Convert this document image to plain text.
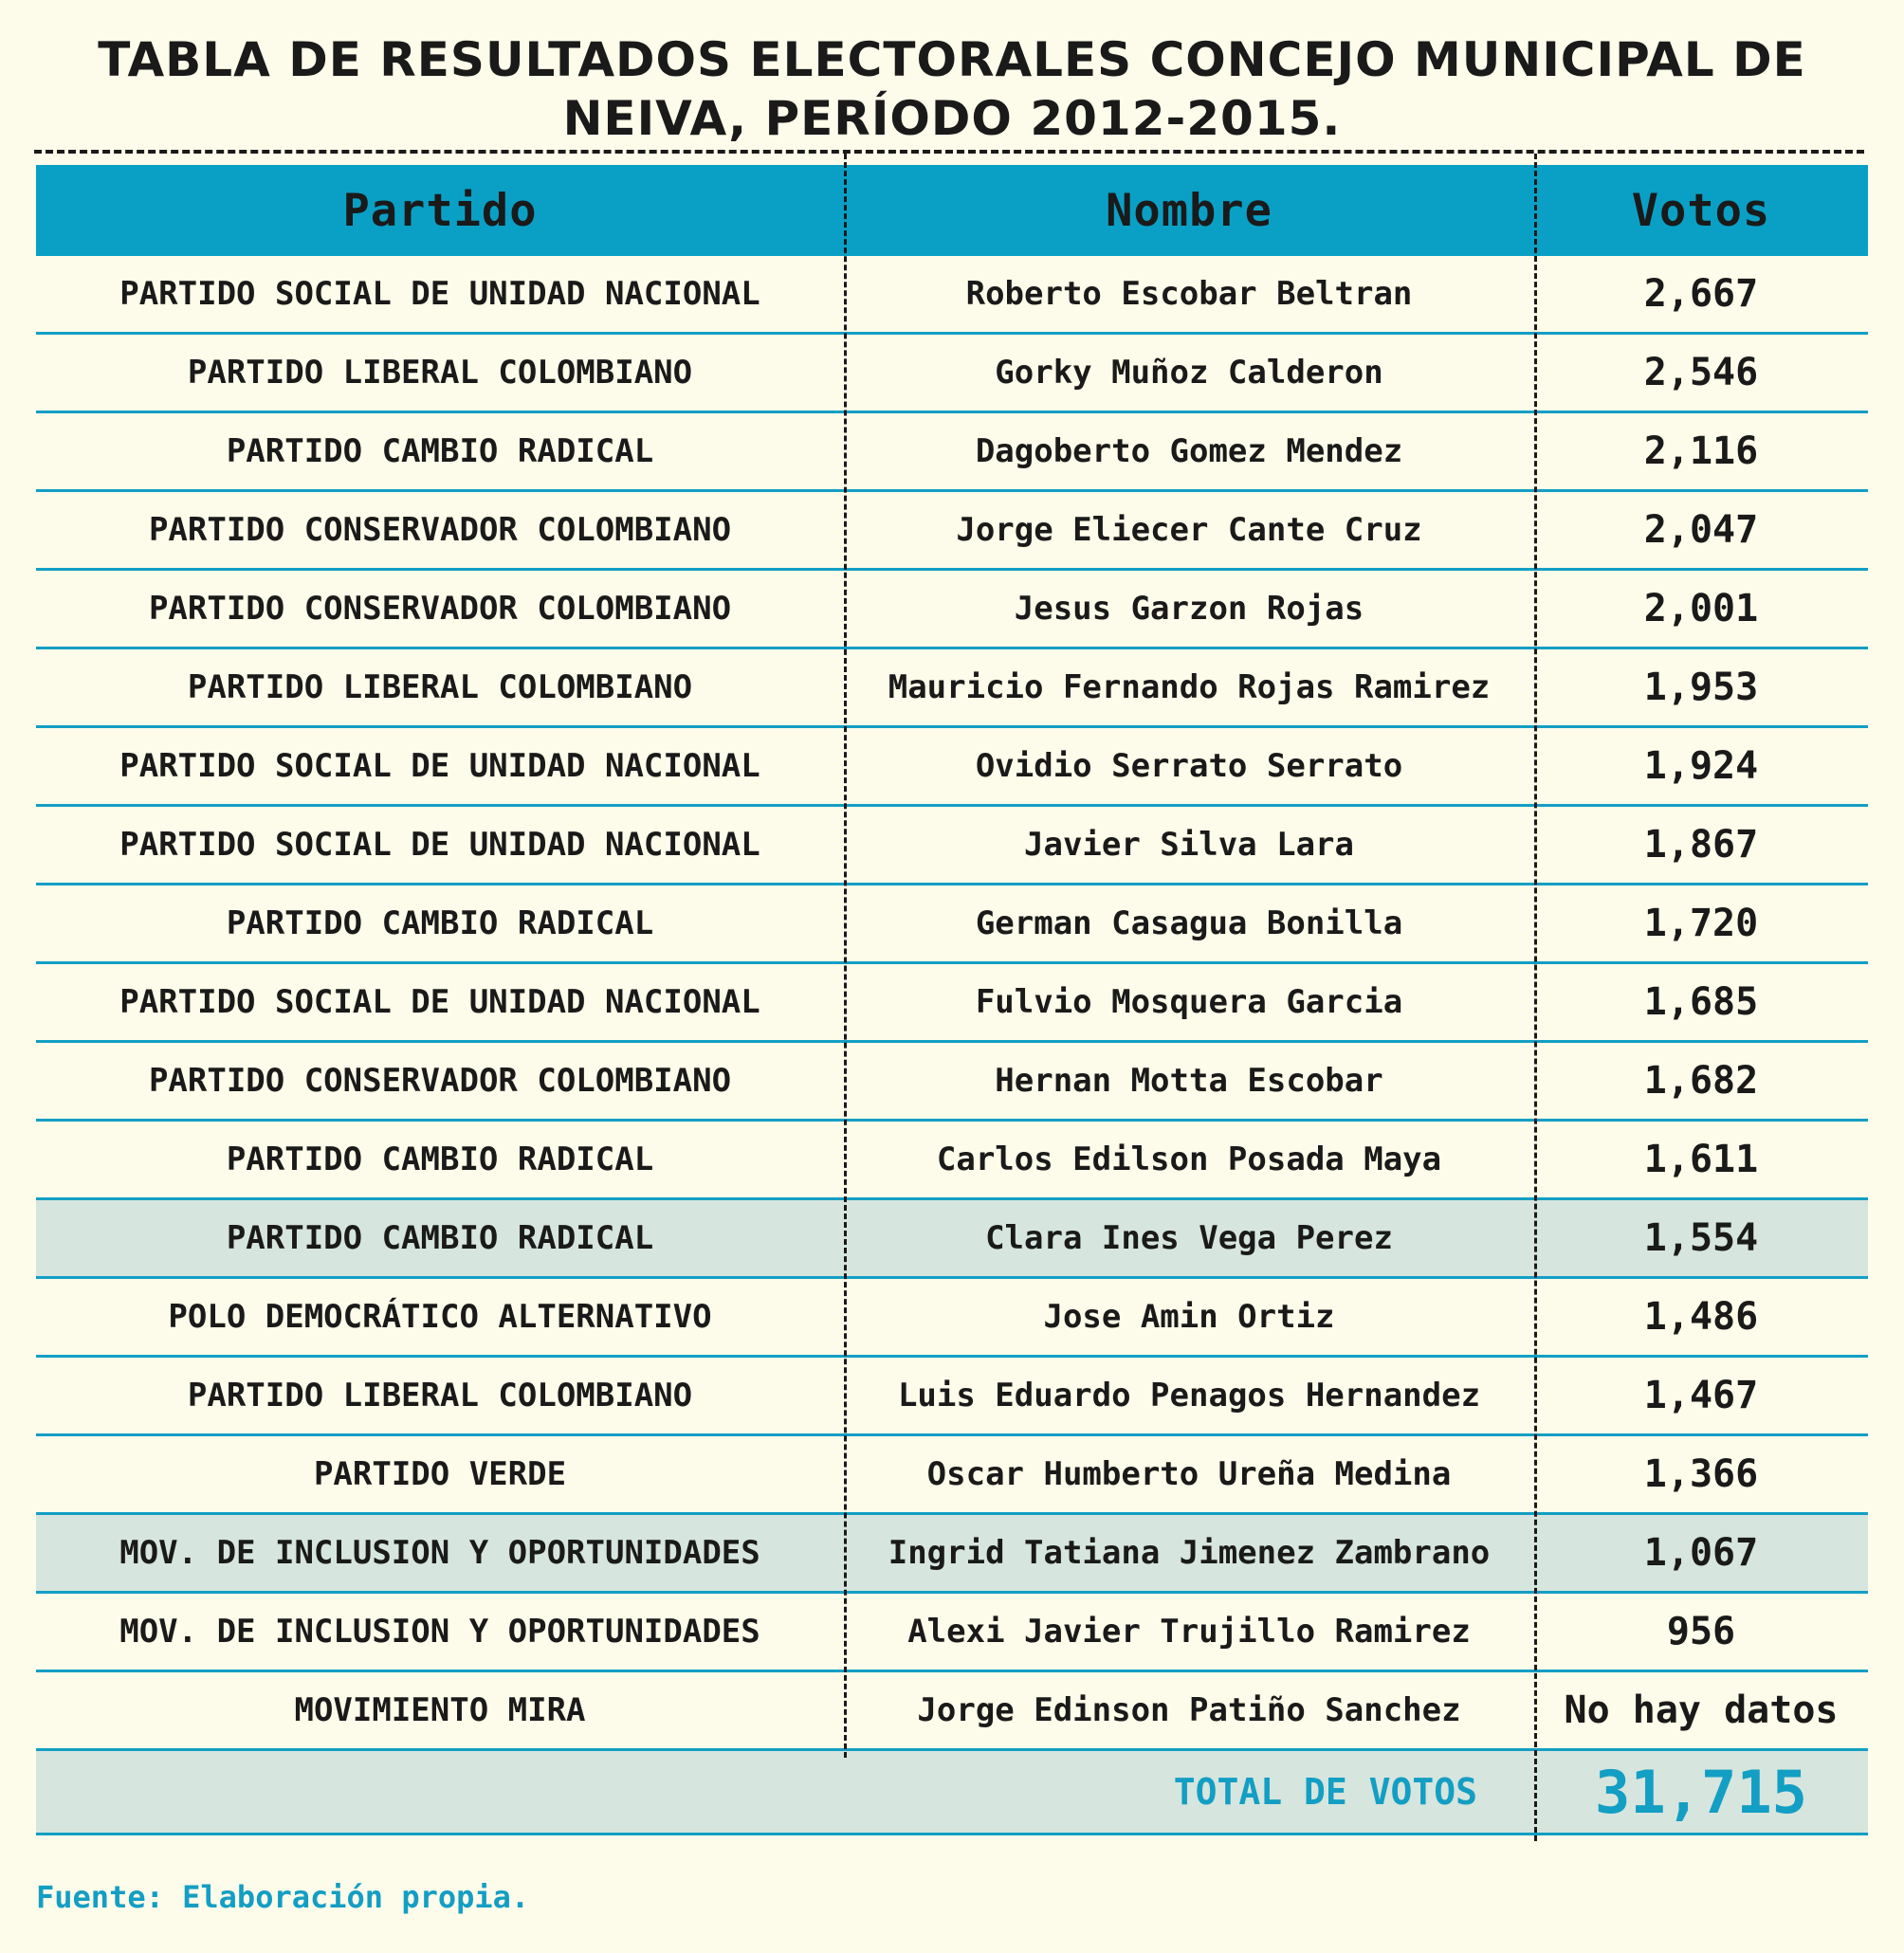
TABLA DE RESULTADOS ELECTORALES CONCEJO MUNICIPAL DE NEIVA, PERÍODO 2012-2015.
Partido	Nombre	Votos
PARTIDO SOCIAL DE UNIDAD NACIONAL	Roberto Escobar Beltran	2,667
PARTIDO LIBERAL COLOMBIANO	Gorky Muñoz Calderon	2,546
PARTIDO CAMBIO RADICAL	Dagoberto Gomez Mendez	2,116
PARTIDO CONSERVADOR COLOMBIANO	Jorge Eliecer Cante Cruz	2,047
PARTIDO CONSERVADOR COLOMBIANO	Jesus Garzon Rojas	2,001
PARTIDO LIBERAL COLOMBIANO	Mauricio Fernando Rojas Ramirez	1,953
PARTIDO SOCIAL DE UNIDAD NACIONAL	Ovidio Serrato Serrato	1,924
PARTIDO SOCIAL DE UNIDAD NACIONAL	Javier Silva Lara	1,867
PARTIDO CAMBIO RADICAL	German Casagua Bonilla	1,720
PARTIDO SOCIAL DE UNIDAD NACIONAL	Fulvio Mosquera Garcia	1,685
PARTIDO CONSERVADOR COLOMBIANO	Hernan Motta Escobar	1,682
PARTIDO CAMBIO RADICAL	Carlos Edilson Posada Maya	1,611
PARTIDO CAMBIO RADICAL	Clara Ines Vega Perez	1,554
POLO DEMOCRÁTICO ALTERNATIVO	Jose Amin Ortiz	1,486
PARTIDO LIBERAL COLOMBIANO	Luis Eduardo Penagos Hernandez	1,467
PARTIDO VERDE	Oscar Humberto Ureña Medina	1,366
MOV. DE INCLUSION Y OPORTUNIDADES	Ingrid Tatiana Jimenez Zambrano	1,067
MOV. DE INCLUSION Y OPORTUNIDADES	Alexi Javier Trujillo Ramirez	956
MOVIMIENTO MIRA	Jorge Edinson Patiño Sanchez	No hay datos
TOTAL DE VOTOS		31,715
Fuente: Elaboración propia.
